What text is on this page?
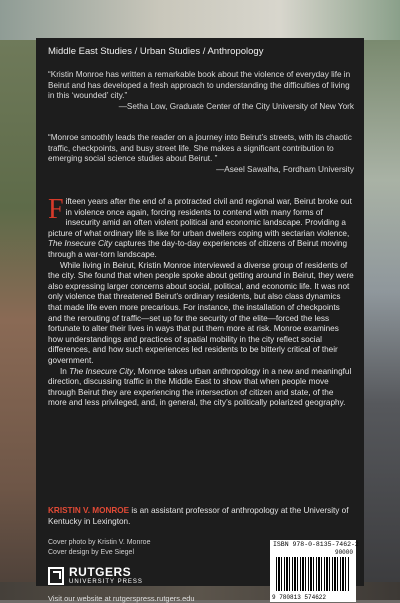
Middle East Studies / Urban Studies / Anthropology
“Kristin Monroe has written a remarkable book about the violence of everyday life in Beirut and has developed a fresh approach to understanding the difficulties of living in this ‘wounded’ city.”
—Setha Low, Graduate Center of the City University of New York
“Monroe smoothly leads the reader on a journey into Beirut’s streets, with its chaotic traffic, checkpoints, and busy street life. She makes a significant contribution to emerging social science studies about Beirut. ”
—Aseel Sawalha, Fordham University

Fifteen years after the end of a protracted civil and regional war, Beirut broke out in violence once again, forcing residents to contend with many forms of insecurity amid an often violent political and economic landscape. Providing a picture of what ordinary life is like for urban dwellers coping with sectarian violence, The Insecure City captures the day-to-day experiences of citizens of Beirut moving through a war-torn landscape.

While living in Beirut, Kristin Monroe interviewed a diverse group of residents of the city. She found that when people spoke about getting around in Beirut, they were also expressing larger concerns about social, political, and economic life. It was not only violence that threatened Beirut’s ordinary residents, but also class dynamics that made life even more precarious. For instance, the installation of checkpoints and the rerouting of traffic—set up for the security of the elite—forced the less fortunate to alter their lives in ways that put them more at risk. Monroe examines how understandings and practices of spatial mobility in the city reflect social differences, and how such experiences led residents to be bitterly critical of their government.

In The Insecure City, Monroe takes urban anthropology in a new and meaningful direction, discussing traffic in the Middle East to show that when people move through Beirut they are experiencing the intersection of citizen and state, of the more and less privileged, and, in general, the city’s politically polarized geography.

KRISTIN V. MONROE is an assistant professor of anthropology at the University of Kentucky in Lexington.
Cover photo by Kristin V. Monroe
Cover design by Eve Siegel
RUTGERS
UNIVERSITY PRESS
Visit our website at rutgerspress.rutgers.edu
ISBN 978-0-8135-7462-2
90000
9 780813 574622
